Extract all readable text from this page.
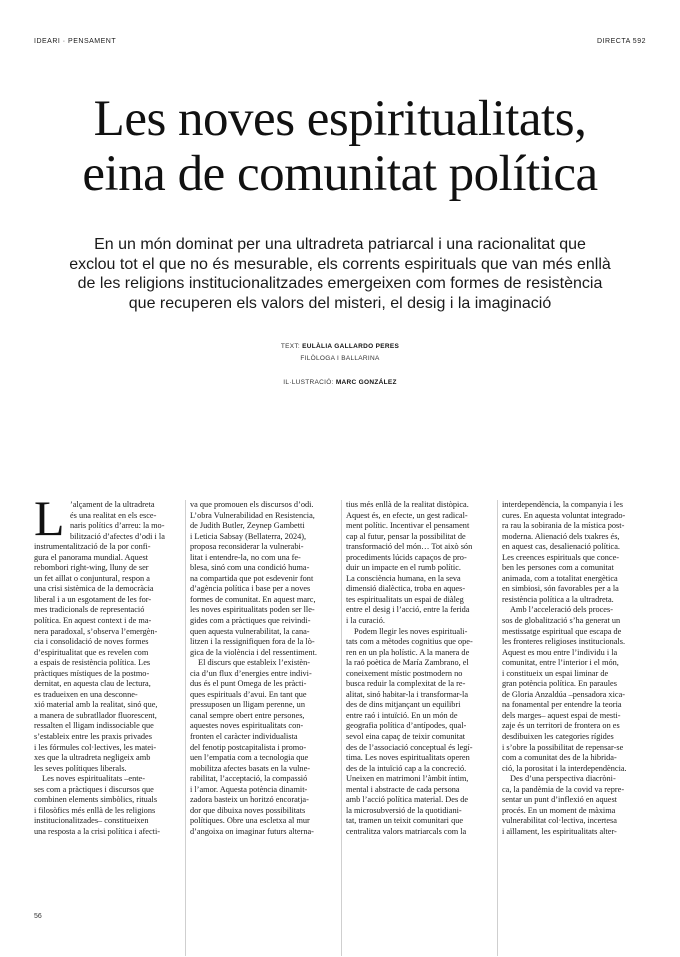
IDEARI · PENSAMENT	DIRECTA 592
Les noves espiritualitats,
eina de comunitat política
En un món dominat per una ultradreta patriarcal i una racionalitat que
exclou tot el que no és mesurable, els corrents espirituals que van més enllà
de les religions institucionalitzades emergeixen com formes de resistència
que recuperen els valors del misteri, el desig i la imaginació
TEXT: EULÀLIA GALLARDO PERES
FILÒLOGA I BALLARINA
IL·LUSTRACIÓ: MARC GONZÁLEZ
L ’alçament de la ultradreta
és una realitat en els esce-
naris polítics d’arreu: la mo-
bilització d’afectes d’odi i la
instrumentalització de la por confi-
gura el panorama mundial. Aquest
rebombori right-wing, lluny de ser
un fet aïllat o conjuntural, respon a
una crisi sistèmica de la democràcia
liberal i a un esgotament de les for-
mes tradicionals de representació
política. En aquest context i de ma-
nera paradoxal, s’observa l’emergèn-
cia i consolidació de noves formes
d’espiritualitat que es revelen com
a espais de resistència política. Les
pràctiques místiques de la postmo-
dernitat, en aquesta clau de lectura,
es tradueixen en una desconne-
xió material amb la realitat, sinó que,
a manera de subratllador fluorescent,
ressalten el lligam indissociable que
s’estableix entre les praxis privades
i les fórmules col·lectives, les matei-
xes que la ultradreta negligeix amb
les seves polítiques liberals.
Les noves espiritualitats –ente-
ses com a pràctiques i discursos que
combinen elements simbòlics, rituals
i filosòfics més enllà de les religions
institucionalitzades– constitueixen
una resposta a la crisi política i afecti-
va que promouen els discursos d’odi.
L’obra Vulnerabilidad en Resistencia,
de Judith Butler, Zeynep Gambetti
i Leticia Sabsay (Bellaterra, 2024),
proposa reconsiderar la vulnerabi-
litat i entendre-la, no com una fe-
blesa, sinó com una condició huma-
na compartida que pot esdevenir font
d’agència política i base per a noves
formes de comunitat. En aquest marc,
les noves espiritualitats poden ser lle-
gides com a pràctiques que reivindi-
quen aquesta vulnerabilitat, la cana-
litzen i la ressignifiquen fora de la lò-
gica de la violència i del ressentiment.
El discurs que estableix l’existèn-
cia d’un flux d’energies entre indivi-
dus és el punt Omega de les pràcti-
ques espirituals d’avui. En tant que
pressuposen un lligam perenne, un
canal sempre obert entre persones,
aquestes noves espiritualitats con-
fronten el caràcter individualista
del fenotip postcapitalista i promo-
uen l’empatia com a tecnologia que
mobilitza afectes basats en la vulne-
rabilitat, l’acceptació, la compassió
i l’amor. Aquesta potència dinamit-
zadora basteix un horitzó encoratja-
dor que dibuixa noves possibilitats
polítiques. Obre una escletxa al mur
d’angoixa on imaginar futurs alterna-
tius més enllà de la realitat distòpica.
Aquest és, en efecte, un gest radical-
ment polític. Incentivar el pensament
cap al futur, pensar la possibilitat de
transformació del món… Tot això són
procediments lúcids capaços de pro-
duir un impacte en el rumb polític.
La consciència humana, en la seva
dimensió dialèctica, troba en aques-
tes espiritualitats un espai de diàleg
entre el desig i l’acció, entre la ferida
i la curació.
Podem llegir les noves espirituali-
tats com a mètodes cognitius que ope-
ren en un pla holístic. A la manera de
la raó poètica de María Zambrano, el
coneixement místic postmodern no
busca reduir la complexitat de la re-
alitat, sinó habitar-la i transformar-la
des de dins mitjançant un equilibri
entre raó i intuïció. En un món de
geografia política d’antípodes, qual-
sevol eina capaç de teixir comunitat
des de l’associació conceptual és legí-
tima. Les noves espiritualitats operen
des de la intuïció cap a la concreció.
Uneixen en matrimoni l’àmbit íntim,
mental i abstracte de cada persona
amb l’acció política material. Des de
la microsubversió de la quotidiani-
tat, tramen un teixit comunitari que
centralitza valors matriarcals com la
interdependència, la companyia i les
cures. En aquesta voluntat integrado-
ra rau la sobirania de la mística post-
moderna. Alienació dels txakres és,
en aquest cas, desalienació política.
Les creences espirituals que conce-
ben les persones com a comunitat
animada, com a totalitat energètica
en simbiosi, són favorables per a la
resistència política a la ultradreta.
Amb l’acceleració dels proces-
sos de globalització s’ha generat un
mestissatge espiritual que escapa de
les fronteres religioses institucionals.
Aquest es mou entre l’individu i la
comunitat, entre l’interior i el món,
i constitueix un espai liminar de
gran potència política. En paraules
de Gloria Anzaldúa –pensadora xica-
na fonamental per entendre la teoria
dels marges– aquest espai de mesti-
zaje és un territori de frontera on es
desdibuixen les categories rígides
i s’obre la possibilitat de repensar-se
com a comunitat des de la hibrida-
ció, la porositat i la interdependència.
Des d’una perspectiva diacròni-
ca, la pandèmia de la covid va repre-
sentar un punt d’inflexió en aquest
procés. En un moment de màxima
vulnerabilitat col·lectiva, incertesa
i aïllament, les espiritualitats alter-
56
